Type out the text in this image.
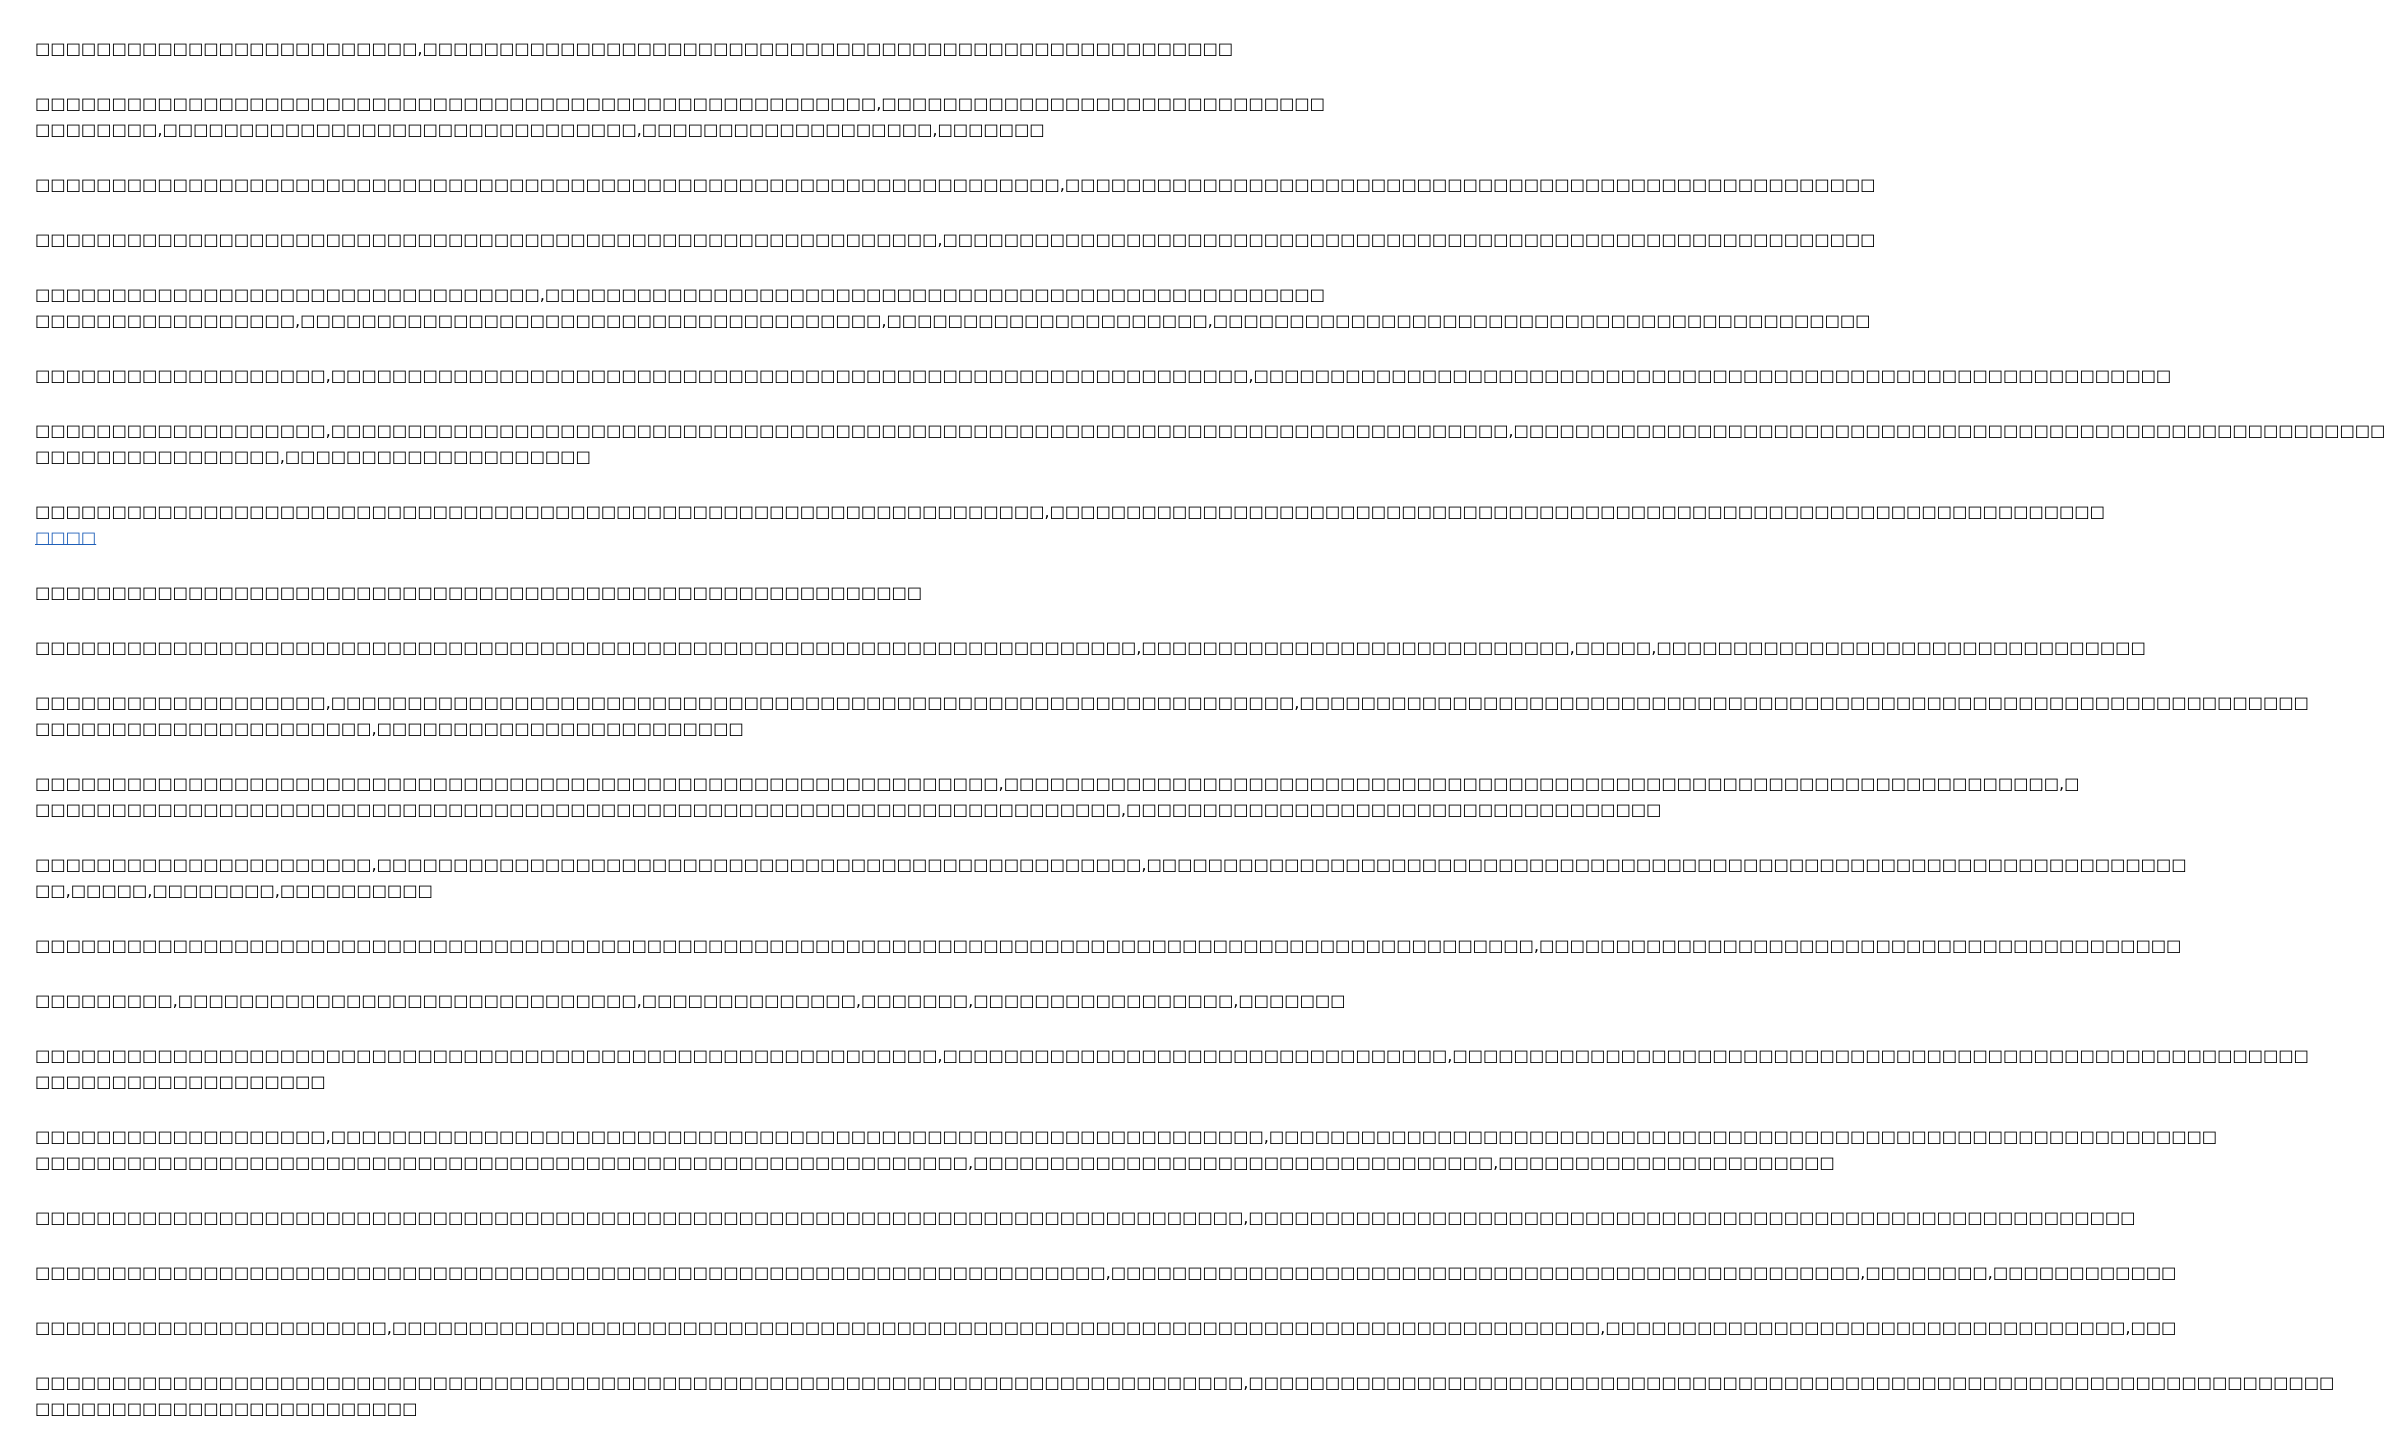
□□□□□□□□□□□□□□□□□□□□□□□□□,□□□□□□□□□□□□□□□□□□□□□□□□□□□□□□□□□□□□□□□□□□□□□□□□□□□□□
□□□□□□□□□□□□□□□□□□□□□□□□□□□□□□□□□□□□□□□□□□□□□□□□□□□□□□□,□□□□□□□□□□□□□□□□□□□□□□□□□□□□□
□□□□□□□□,□□□□□□□□□□□□□□□□□□□□□□□□□□□□□□□,□□□□□□□□□□□□□□□□□□□,□□□□□□□
□□□□□□□□□□□□□□□□□□□□□□□□□□□□□□□□□□□□□□□□□□□□□□□□□□□□□□□□□□□□□□□□□□□,□□□□□□□□□□□□□□□□□□□□□□□□□□□□□□□□□□□□□□□□□□□□□□□□□□□□□
□□□□□□□□□□□□□□□□□□□□□□□□□□□□□□□□□□□□□□□□□□□□□□□□□□□□□□□□□□□,□□□□□□□□□□□□□□□□□□□□□□□□□□□□□□□□□□□□□□□□□□□□□□□□□□□□□□□□□□□□□
□□□□□□□□□□□□□□□□□□□□□□□□□□□□□□□□□,□□□□□□□□□□□□□□□□□□□□□□□□□□□□□□□□□□□□□□□□□□□□□□□□□□□
□□□□□□□□□□□□□□□□□,□□□□□□□□□□□□□□□□□□□□□□□□□□□□□□□□□□□□□□,□□□□□□□□□□□□□□□□□□□□□,□□□□□□□□□□□□□□□□□□□□□□□□□□□□□□□□□□□□□□□□□□□
□□□□□□□□□□□□□□□□□□□,□□□□□□□□□□□□□□□□□□□□□□□□□□□□□□□□□□□□□□□□□□□□□□□□□□□□□□□□□□□□,□□□□□□□□□□□□□□□□□□□□□□□□□□□□□□□□□□□□□□□□□□□□□□□□□□□□□□□□□□□□
□□□□□□□□□□□□□□□□□□□,□□□□□□□□□□□□□□□□□□□□□□□□□□□□□□□□□□□□□□□□□□□□□□□□□□□□□□□□□□□□□□□□□□□□□□□□□□□□□,□□□□□□□□□□□□□□□□□□□□□□□□□□□□□□□□□□□□□□□□□□□□□□□□□□□□□□□□□
□□□□□□□□□□□□□□□□,□□□□□□□□□□□□□□□□□□□□
□□□□□□□□□□□□□□□□□□□□□□□□□□□□□□□□□□□□□□□□□□□□□□□□□□□□□□□□□□□□□□□□□□,□□□□□□□□□□□□□□□□□□□□□□□□□□□□□□□□□□□□□□□□□□□□□□□□□□□□□□□□□□□□□□□□□□□□□
□□□□
□□□□□□□□□□□□□□□□□□□□□□□□□□□□□□□□□□□□□□□□□□□□□□□□□□□□□□□□□□
□□□□□□□□□□□□□□□□□□□□□□□□□□□□□□□□□□□□□□□□□□□□□□□□□□□□□□□□□□□□□□□□□□□□□□□□,□□□□□□□□□□□□□□□□□□□□□□□□□□□□,□□□□□,□□□□□□□□□□□□□□□□□□□□□□□□□□□□□□□□
□□□□□□□□□□□□□□□□□□□,□□□□□□□□□□□□□□□□□□□□□□□□□□□□□□□□□□□□□□□□□□□□□□□□□□□□□□□□□□□□□□□,□□□□□□□□□□□□□□□□□□□□□□□□□□□□□□□□□□□□□□□□□□□□□□□□□□□□□□□□□□□□□□□□□□
□□□□□□□□□□□□□□□□□□□□□□,□□□□□□□□□□□□□□□□□□□□□□□□
□□□□□□□□□□□□□□□□□□□□□□□□□□□□□□□□□□□□□□□□□□□□□□□□□□□□□□□□□□□□□□□,□□□□□□□□□□□□□□□□□□□□□□□□□□□□□□□□□□□□□□□□□□□□□□□□□□□□□□□□□□□□□□□□□□□□□,□
□□□□□□□□□□□□□□□□□□□□□□□□□□□□□□□□□□□□□□□□□□□□□□□□□□□□□□□□□□□□□□□□□□□□□□□,□□□□□□□□□□□□□□□□□□□□□□□□□□□□□□□□□□□
□□□□□□□□□□□□□□□□□□□□□□,□□□□□□□□□□□□□□□□□□□□□□□□□□□□□□□□□□□□□□□□□□□□□□□□□□,□□□□□□□□□□□□□□□□□□□□□□□□□□□□□□□□□□□□□□□□□□□□□□□□□□□□□□□□□□□□□□□□□□□□
□□,□□□□□,□□□□□□□□,□□□□□□□□□□
□□□□□□□□□□□□□□□□□□□□□□□□□□□□□□□□□□□□□□□□□□□□□□□□□□□□□□□□□□□□□□□□□□□□□□□□□□□□□□□□□□□□□□□□□□□□□□□□□□,□□□□□□□□□□□□□□□□□□□□□□□□□□□□□□□□□□□□□□□□□□
□□□□□□□□□,□□□□□□□□□□□□□□□□□□□□□□□□□□□□□□,□□□□□□□□□□□□□□,□□□□□□□,□□□□□□□□□□□□□□□□□,□□□□□□□
□□□□□□□□□□□□□□□□□□□□□□□□□□□□□□□□□□□□□□□□□□□□□□□□□□□□□□□□□□□,□□□□□□□□□□□□□□□□□□□□□□□□□□□□□□□□□,□□□□□□□□□□□□□□□□□□□□□□□□□□□□□□□□□□□□□□□□□□□□□□□□□□□□□□□□
□□□□□□□□□□□□□□□□□□□
□□□□□□□□□□□□□□□□□□□,□□□□□□□□□□□□□□□□□□□□□□□□□□□□□□□□□□□□□□□□□□□□□□□□□□□□□□□□□□□□□,□□□□□□□□□□□□□□□□□□□□□□□□□□□□□□□□□□□□□□□□□□□□□□□□□□□□□□□□□□□□□□
□□□□□□□□□□□□□□□□□□□□□□□□□□□□□□□□□□□□□□□□□□□□□□□□□□□□□□□□□□□□□,□□□□□□□□□□□□□□□□□□□□□□□□□□□□□□□□□□,□□□□□□□□□□□□□□□□□□□□□□
□□□□□□□□□□□□□□□□□□□□□□□□□□□□□□□□□□□□□□□□□□□□□□□□□□□□□□□□□□□□□□□□□□□□□□□□□□□□□□□,□□□□□□□□□□□□□□□□□□□□□□□□□□□□□□□□□□□□□□□□□□□□□□□□□□□□□□□□□□
□□□□□□□□□□□□□□□□□□□□□□□□□□□□□□□□□□□□□□□□□□□□□□□□□□□□□□□□□□□□□□□□□□□□□□,□□□□□□□□□□□□□□□□□□□□□□□□□□□□□□□□□□□□□□□□□□□□□□□□□,□□□□□□□□,□□□□□□□□□□□□
□□□□□□□□□□□□□□□□□□□□□□□,□□□□□□□□□□□□□□□□□□□□□□□□□□□□□□□□□□□□□□□□□□□□□□□□□□□□□□□□□□□□□□□□□□□□□□□□□□□□□□□,□□□□□□□□□□□□□□□□□□□□□□□□□□□□□□□□□□,□□□
□□□□□□□□□□□□□□□□□□□□□□□□□□□□□□□□□□□□□□□□□□□□□□□□□□□□□□□□□□□□□□□□□□□□□□□□□□□□□□□,□□□□□□□□□□□□□□□□□□□□□□□□□□□□□□□□□□□□□□□□□□□□□□□□□□□□□□□□□□□□□□□□□□□□□□□
□□□□□□□□□□□□□□□□□□□□□□□□□
